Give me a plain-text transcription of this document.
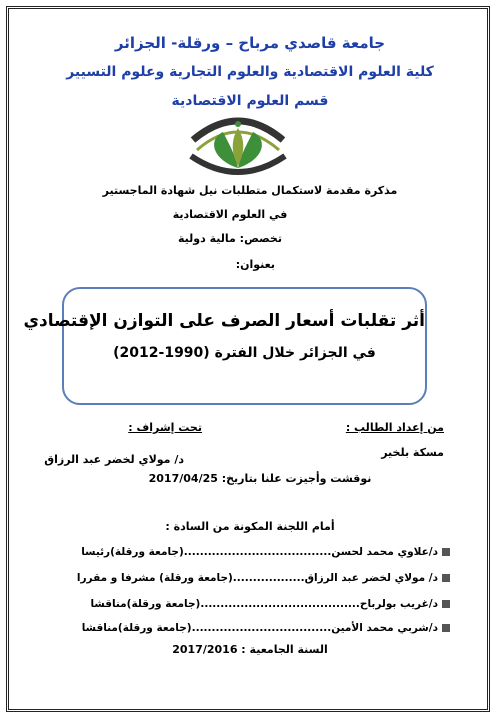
جامعة قاصدي مرباح – ورقلة- الجزائر
كلية العلوم الاقتصادية والعلوم التجارية وعلوم التسيير
قسم العلوم الاقتصادية
مذكرة مقدمة لاستكمال متطلبات نيل شهادة الماجستير
في العلوم الاقتصادية
تخصص: مالية دولية
بعنوان:
أثر تقلبات أسعار الصرف على التوازن الإقتصادي
في الجزائر خلال الفترة (1990-2012)
من إعداد الطالب :
تحت إشراف :
مسكة بلخير
د/ مولاي لخضر عبد الرزاق
نوقشت وأجيزت علنا بتاريخ: 2017/04/25
أمام اللجنة المكونة من السادة :
د/علاوي محمد لحسن.....................................(جامعة ورقلة)رئيسا
د/ مولاي لخضر عبد الرزاق..................(جامعة ورقلة) مشرفا و مقررا
د/غريب بولرباح........................................(جامعة ورقلة)مناقشا
د/شربي محمد الأمين...................................(جامعة ورقلة)مناقشا
السنة الجامعية : 2017/2016
